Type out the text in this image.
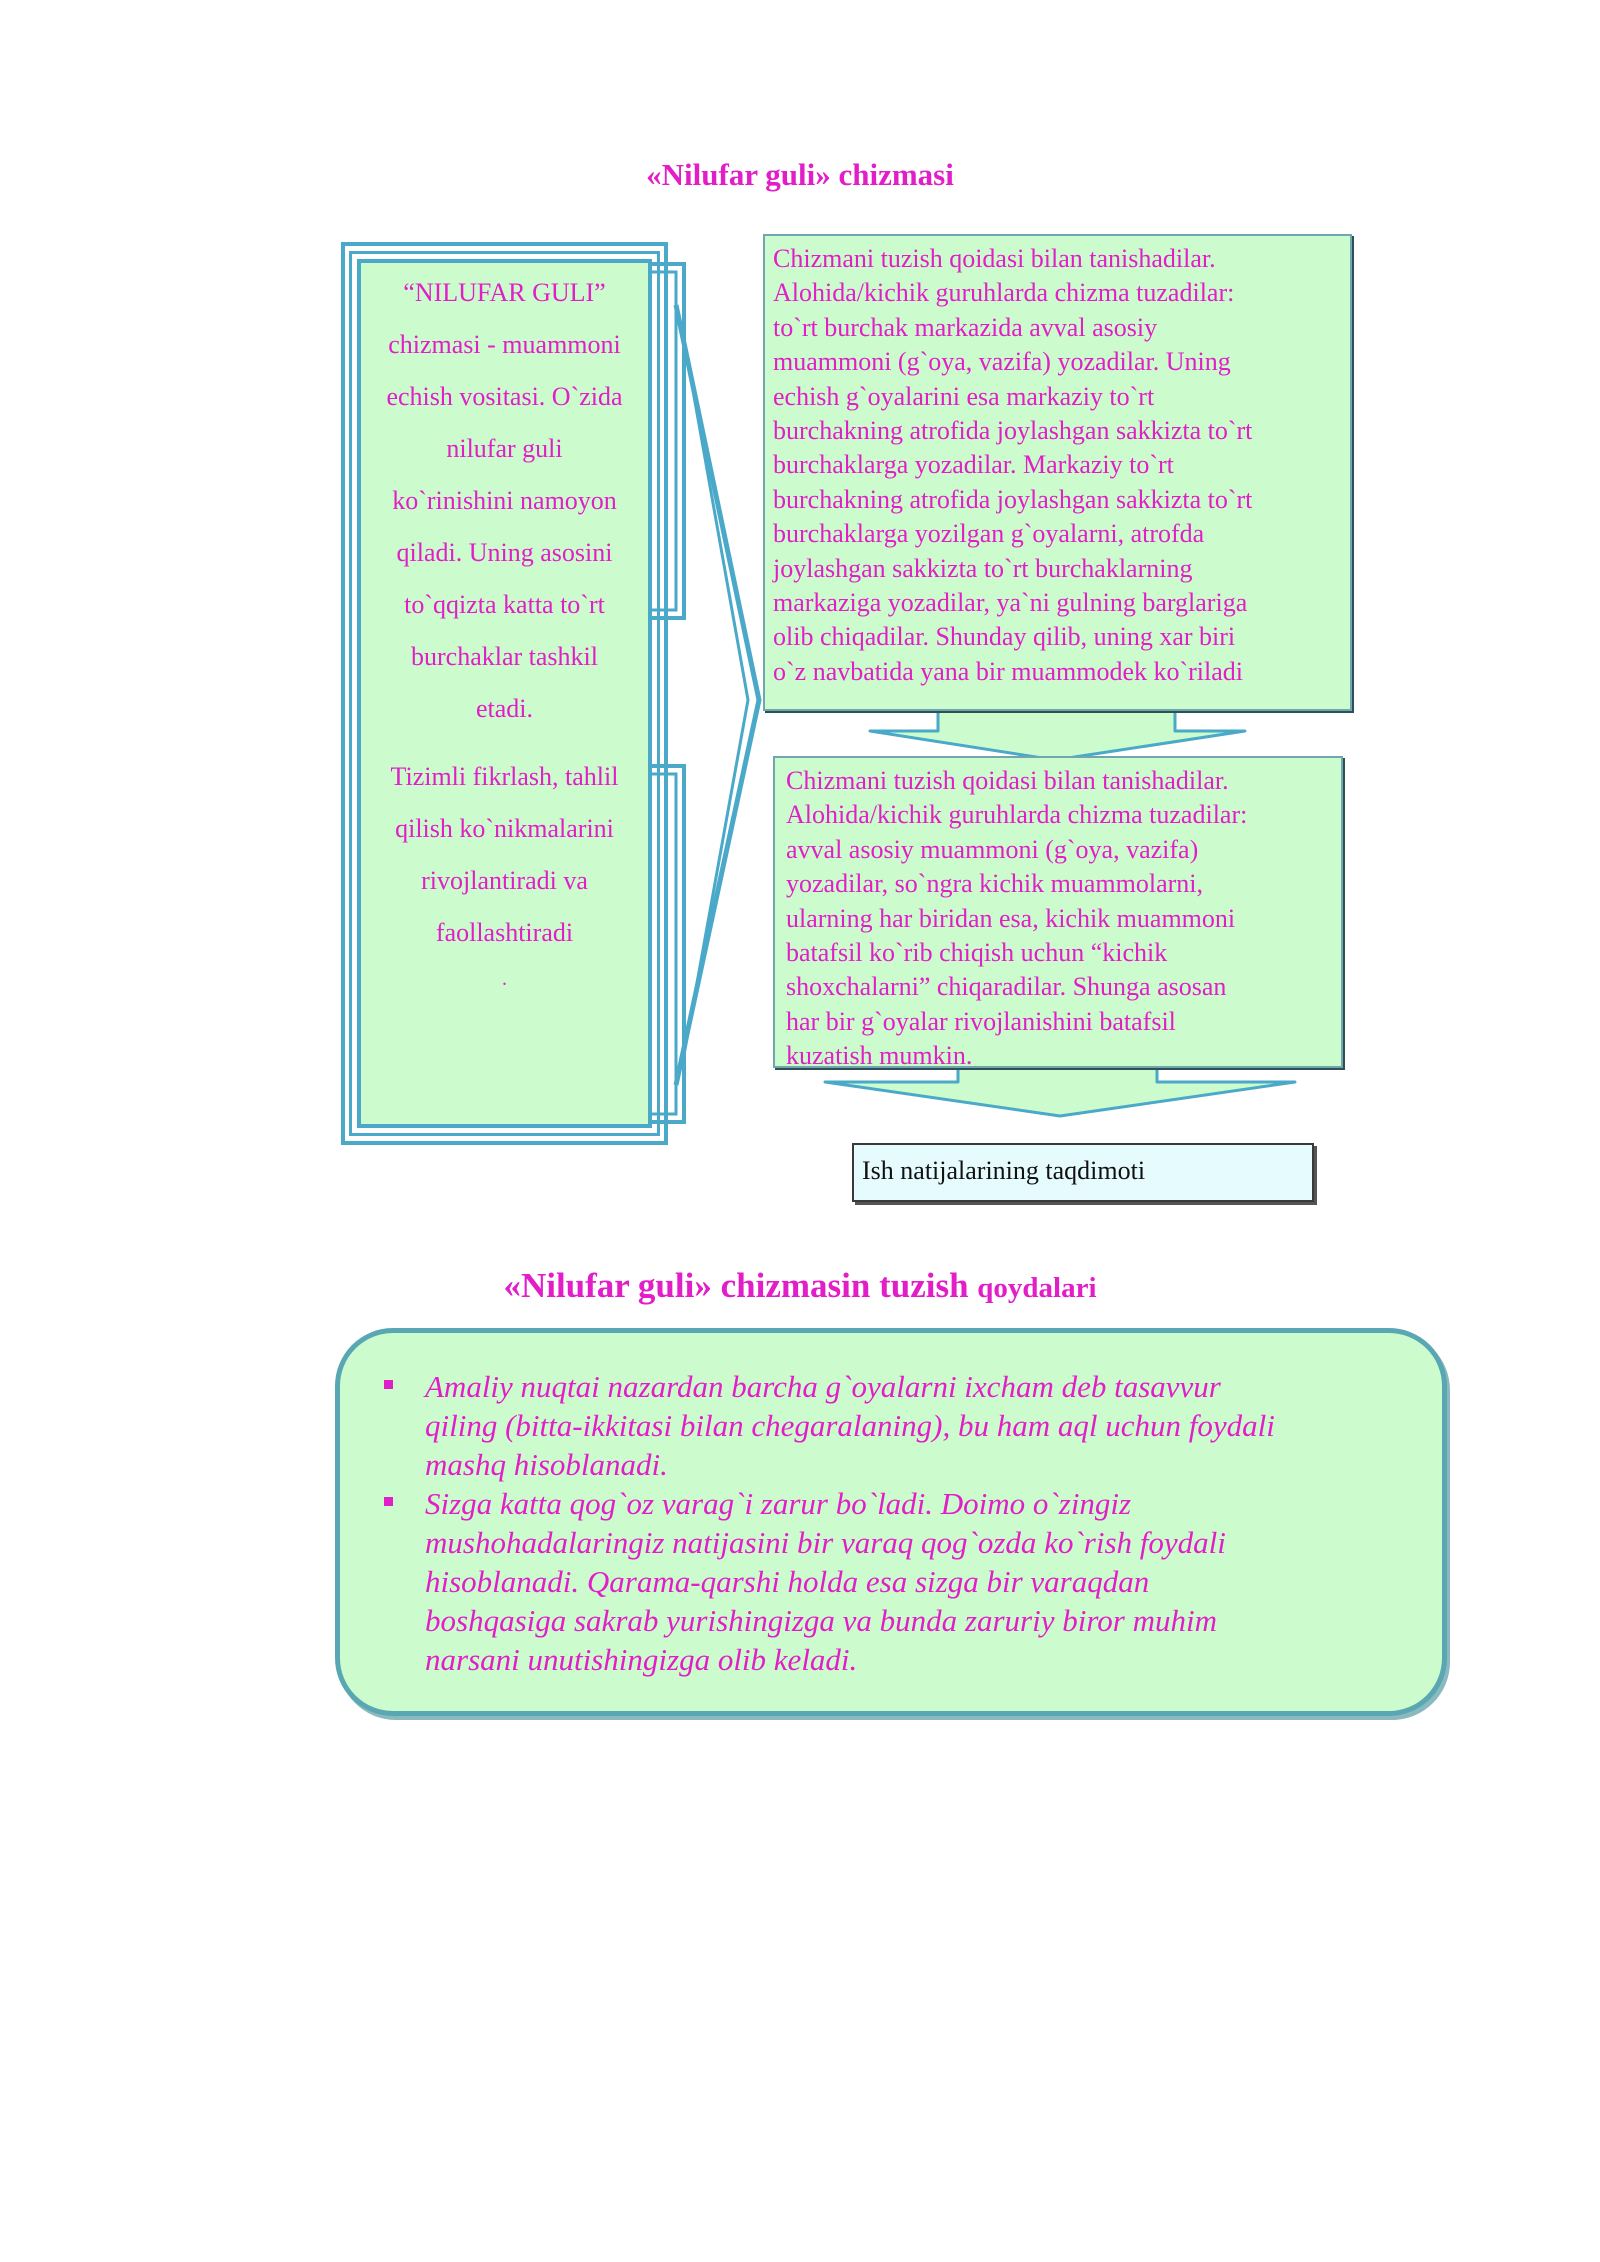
«Nilufar guli» chizmasi
“NILUFAR GULI”
chizmasi - muammoni
echish vositasi. O`zida
nilufar guli
ko`rinishini namoyon
qiladi. Uning asosini
to`qqizta katta to`rt
burchaklar tashkil
etadi.
Tizimli fikrlash, tahlil
qilish ko`nikmalarini
rivojlantiradi va
faollashtiradi
.
Chizmani tuzish qoidasi bilan tanishadilar.
Alohida/kichik guruhlarda chizma tuzadilar:
to`rt burchak markazida avval asosiy
muammoni (g`oya, vazifa) yozadilar. Uning
echish g`oyalarini esa markaziy to`rt
burchakning atrofida joylashgan sakkizta to`rt
burchaklarga yozadilar. Markaziy to`rt
burchakning atrofida joylashgan sakkizta to`rt
burchaklarga yozilgan g`oyalarni, atrofda
joylashgan sakkizta to`rt burchaklarning
markaziga yozadilar, ya`ni gulning barglariga
olib chiqadilar. Shunday qilib, uning xar biri
o`z navbatida yana bir muammodek ko`riladi
Chizmani tuzish qoidasi bilan tanishadilar.
Alohida/kichik guruhlarda chizma tuzadilar:
avval asosiy muammoni (g`oya, vazifa)
yozadilar, so`ngra kichik muammolarni,
ularning har biridan esa, kichik muammoni
batafsil ko`rib chiqish uchun “kichik
shoxchalarni” chiqaradilar. Shunga asosan
har bir g`oyalar rivojlanishini batafsil
kuzatish mumkin.
Ish natijalarining taqdimoti
«Nilufar guli» chizmasin tuzish qoydalari
Amaliy nuqtai nazardan barcha g`oyalarni ixcham deb tasavvur
qiling (bitta-ikkitasi bilan chegaralaning), bu ham aql uchun foydali
mashq hisoblanadi.
Sizga katta qog`oz varag`i zarur bo`ladi. Doimo o`zingiz
mushohadalaringiz natijasini bir varaq qog`ozda ko`rish foydali
hisoblanadi. Qarama-qarshi holda esa sizga bir varaqdan
boshqasiga sakrab yurishingizga va bunda zaruriy biror muhim
narsani unutishingizga olib keladi.
